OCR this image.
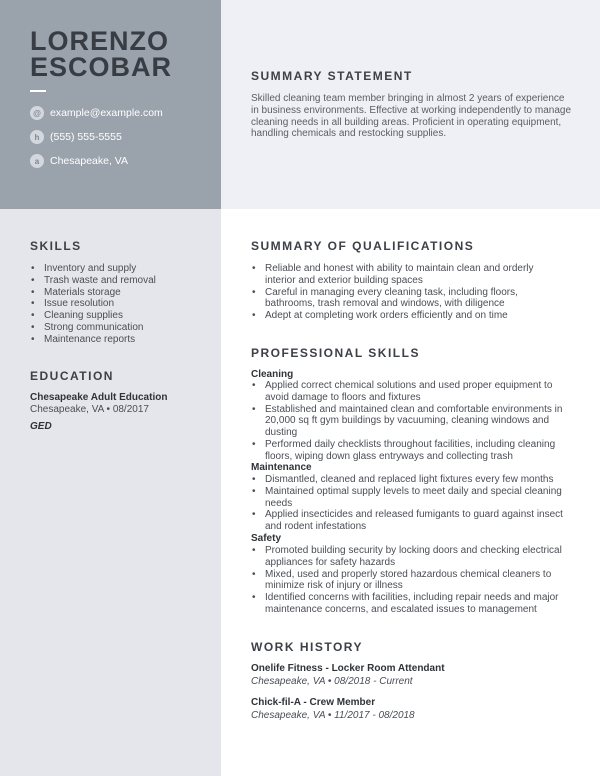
LORENZO
ESCOBAR
@ example@example.com
h	(555) 555-5555
a	Chesapeake, VA
SUMMARY STATEMENT
Skilled cleaning team member bringing in almost 2 years of experience in business environments. Effective at working independently to manage cleaning needs in all building areas. Proficient in operating equipment, handling chemicals and restocking supplies.
SKILLS
• Inventory and supply
• Trash waste and removal
• Materials storage
• Issue resolution
• Cleaning supplies
• Strong communication
• Maintenance reports
EDUCATION
Chesapeake Adult Education
Chesapeake, VA • 08/2017
GED
SUMMARY OF QUALIFICATIONS
• Reliable and honest with ability to maintain clean and orderly interior and exterior building spaces
• Careful in managing every cleaning task, including floors, bathrooms, trash removal and windows, with diligence
• Adept at completing work orders efficiently and on time
PROFESSIONAL SKILLS
Cleaning
• Applied correct chemical solutions and used proper equipment to avoid damage to floors and fixtures
• Established and maintained clean and comfortable environments in 20,000 sq ft gym buildings by vacuuming, cleaning windows and dusting
• Performed daily checklists throughout facilities, including cleaning floors, wiping down glass entryways and collecting trash
Maintenance
• Dismantled, cleaned and replaced light fixtures every few months
• Maintained optimal supply levels to meet daily and special cleaning needs
• Applied insecticides and released fumigants to guard against insect and rodent infestations
Safety
• Promoted building security by locking doors and checking electrical appliances for safety hazards
• Mixed, used and properly stored hazardous chemical cleaners to minimize risk of injury or illness
• Identified concerns with facilities, including repair needs and major maintenance concerns, and escalated issues to management
WORK HISTORY
Onelife Fitness - Locker Room Attendant
Chesapeake, VA • 08/2018 - Current
Chick-fil-A - Crew Member
Chesapeake, VA • 11/2017 - 08/2018
